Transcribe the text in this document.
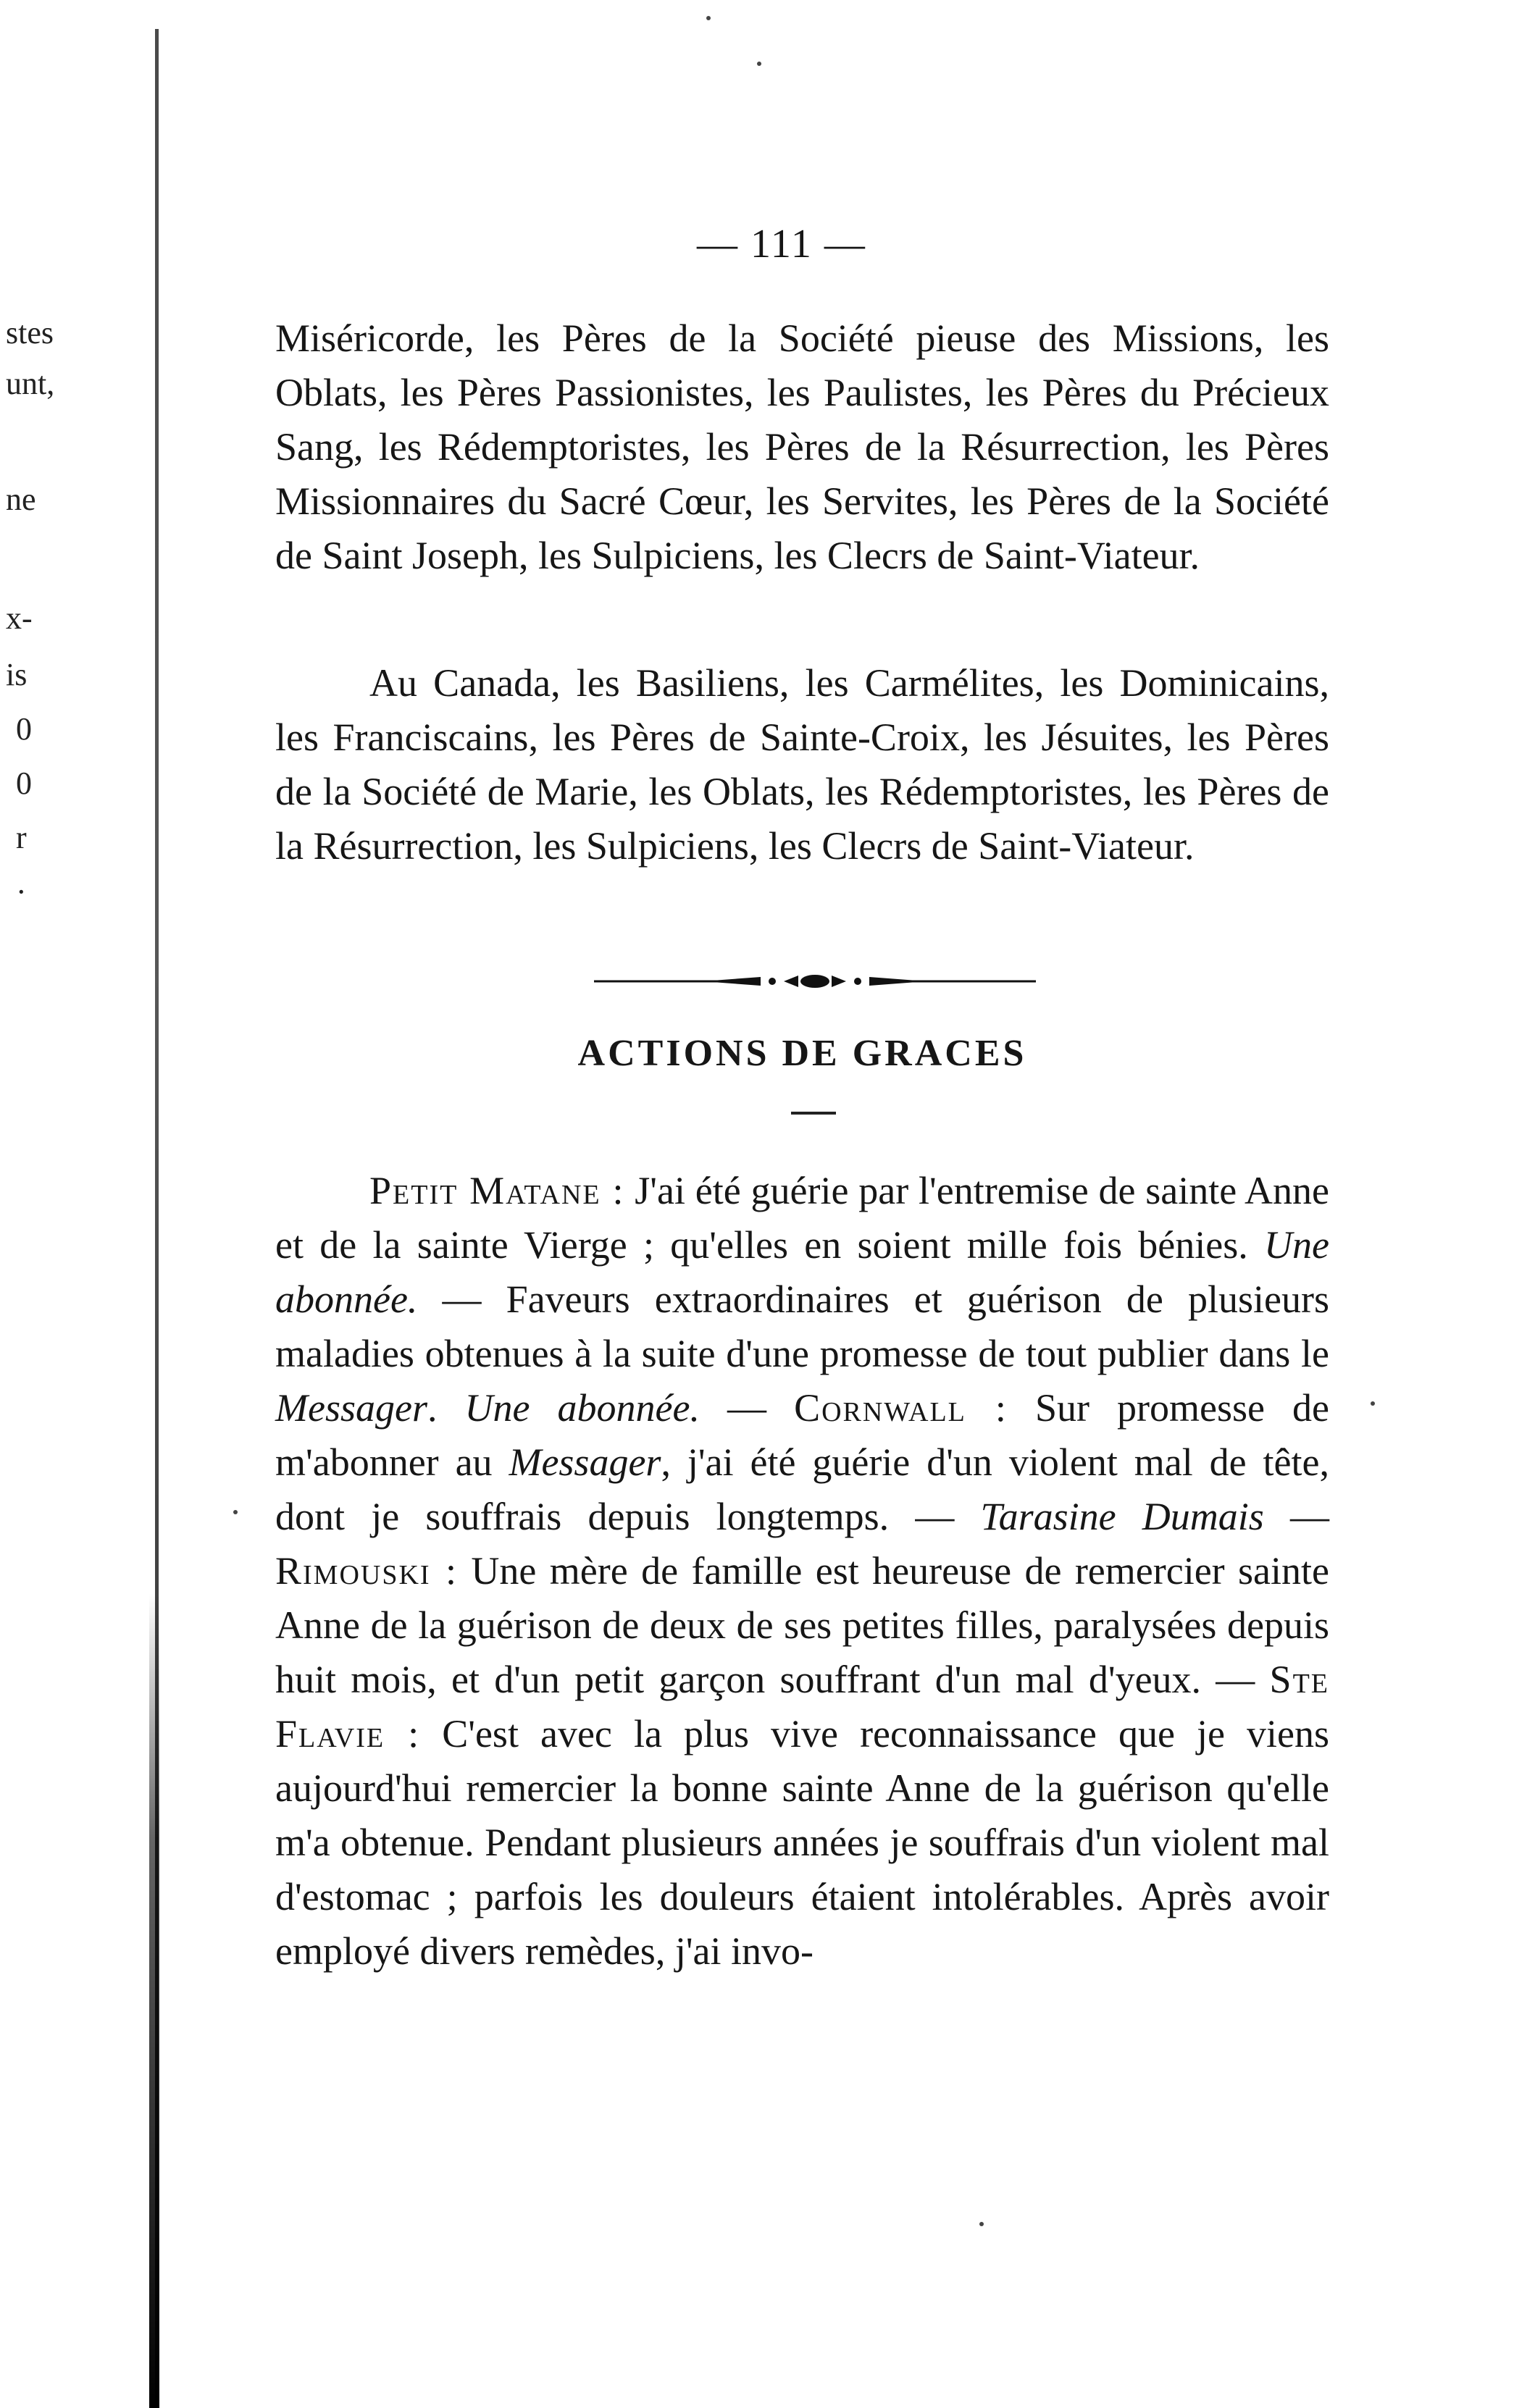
stes
unt,
ne
x-
is
0
0
r
·
— 111 —

Miséricorde, les Pères de la Société pieuse des Missions, les Oblats, les Pères Passionistes, les Paulistes, les Pères du Précieux Sang, les Rédemptoristes, les Pères de la Résurrection, les Pères Missionnaires du Sacré Cœur, les Servites, les Pères de la Société de Saint Joseph, les Sulpiciens, les Clecrs de Saint-Viateur.

Au Canada, les Basiliens, les Carmélites, les Dominicains, les Franciscains, les Pères de Sainte-Croix, les Jésuites, les Pères de la Société de Marie, les Oblats, les Rédemptoristes, les Pères de la Résurrection, les Sulpiciens, les Clecrs de Saint-Viateur.

ACTIONS DE GRACES

Petit Matane : J'ai été guérie par l'entremise de sainte Anne et de la sainte Vierge ; qu'elles en soient mille fois bénies. Une abonnée. — Faveurs extraordinaires et guérison de plusieurs maladies obtenues à la suite d'une promesse de tout publier dans le Messager. Une abonnée. — Cornwall : Sur promesse de m'abonner au Messager, j'ai été guérie d'un violent mal de tête, dont je souffrais depuis longtemps. — Tarasine Dumais — Rimouski : Une mère de famille est heureuse de remercier sainte Anne de la guérison de deux de ses petites filles, paralysées depuis huit mois, et d'un petit garçon souffrant d'un mal d'yeux. — Ste Flavie : C'est avec la plus vive reconnaissance que je viens aujourd'hui remercier la bonne sainte Anne de la guérison qu'elle m'a obtenue. Pendant plusieurs années je souffrais d'un violent mal d'estomac ; parfois les douleurs étaient intolérables. Après avoir employé divers remèdes, j'ai invo-
